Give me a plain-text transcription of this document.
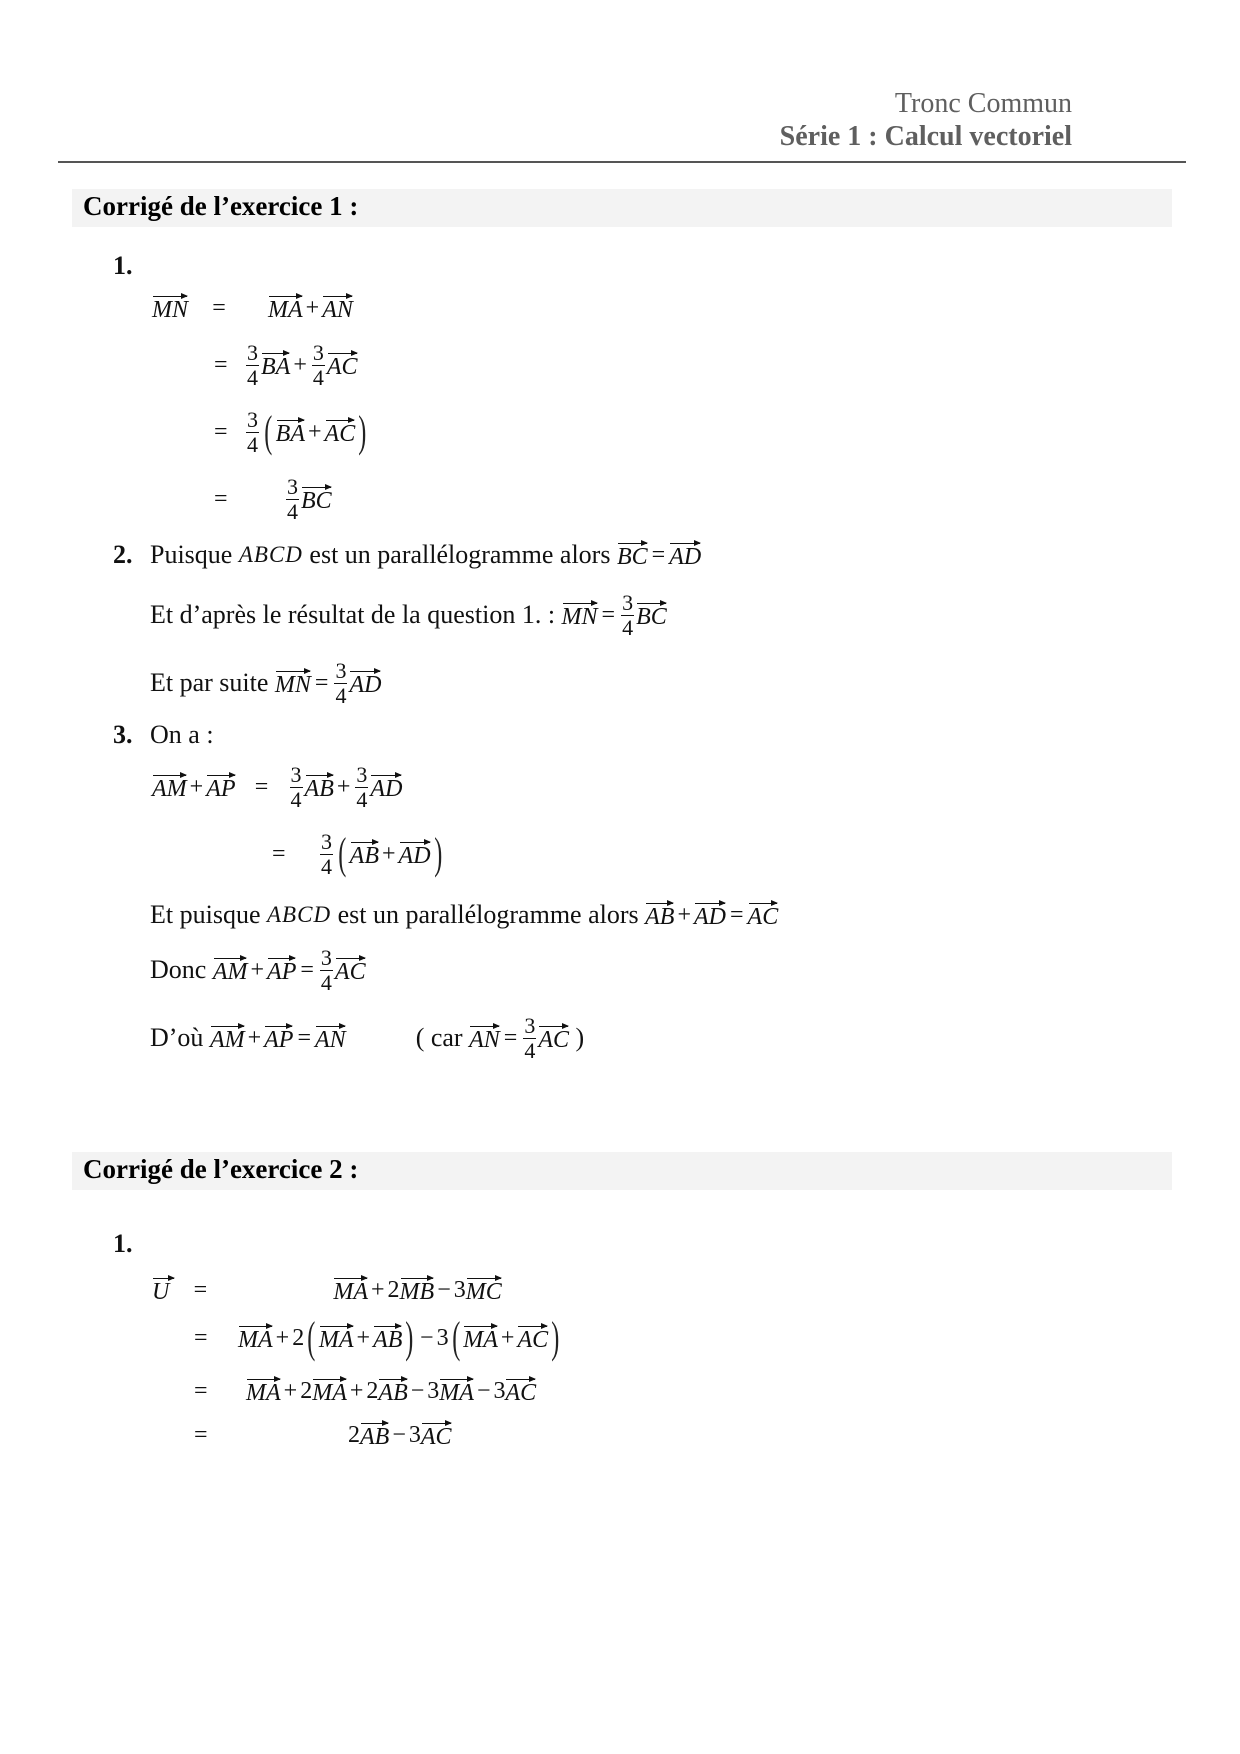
Tronc Commun
Série 1 : Calcul vectoriel
Corrigé de l’exercice 1 :
1.
MN	=	MA + AN
= $\frac{3}{4}$ BA + $\frac{3}{4}$ AC
= $\frac{3}{4}$ ( BA + AC )
=	$\frac{3}{4}$ BC
2. Puisque
ABCD
est un parallélogramme alors
BC = AD
Et d’après le résultat de la question 1. :
MN = $\frac{3}{4}$ BC
Et par suite
MN = $\frac{3}{4}$ AD
3. On a :
AM + AP = $\frac{3}{4}$ AB + $\frac{3}{4}$ AD
=	$\frac{3}{4}$ ( AB + AD )
Et puisque
ABCD
est un parallélogramme alors
AB + AD = AC
Donc
AM + AP = $\frac{3}{4}$ AC
D’où
AM + AP = AN	( car
AN = $\frac{3}{4}$ AC
)
Corrigé de l’exercice 2 :
1.
U	=	MA + 2 MB − 3 MC
=	MA + 2 ( MA + AB ) − 3 ( MA + AC )
=	MA + 2 MA + 2 AB − 3 MA − 3 AC
=	2 AB − 3 AC
